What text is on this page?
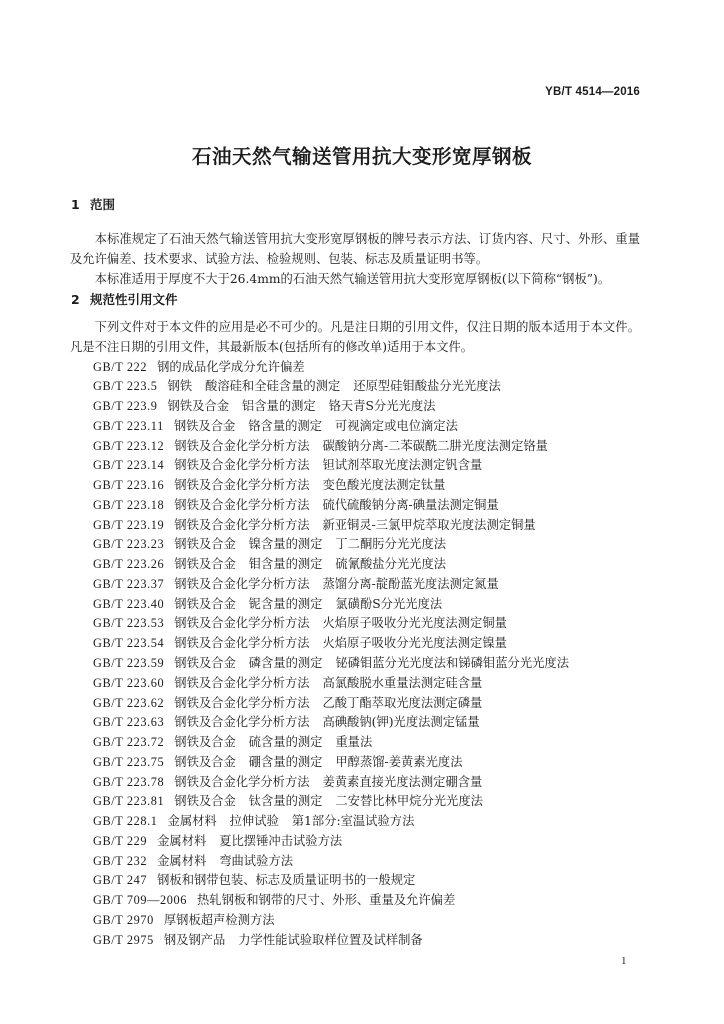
YB/T 4514—2016
石油天然气输送管用抗大变形宽厚钢板
1 范围

本标准规定了石油天然气输送管用抗大变形宽厚钢板的牌号表示方法、订货内容、尺寸、外形、重量及允许偏差、技术要求、试验方法、检验规则、包装、标志及质量证明书等。

本标准适用于厚度不大于26.4mm的石油天然气输送管用抗大变形宽厚钢板(以下简称“钢板”)。

2 规范性引用文件

下列文件对于本文件的应用是必不可少的。凡是注日期的引用文件，仅注日期的版本适用于本文件。凡是不注日期的引用文件，其最新版本(包括所有的修改单)适用于本文件。

GB/T 222 钢的成品化学成分允许偏差
GB/T 223.5 钢铁 酸溶硅和全硅含量的测定 还原型硅钼酸盐分光光度法
GB/T 223.9 钢铁及合金 铝含量的测定 铬天青S分光光度法
GB/T 223.11 钢铁及合金 铬含量的测定 可视滴定或电位滴定法
GB/T 223.12 钢铁及合金化学分析方法 碳酸钠分离-二苯碳酰二肼光度法测定铬量
GB/T 223.14 钢铁及合金化学分析方法 钽试剂萃取光度法测定钒含量
GB/T 223.16 钢铁及合金化学分析方法 变色酸光度法测定钛量
GB/T 223.18 钢铁及合金化学分析方法 硫代硫酸钠分离-碘量法测定铜量
GB/T 223.19 钢铁及合金化学分析方法 新亚铜灵-三氯甲烷萃取光度法测定铜量
GB/T 223.23 钢铁及合金 镍含量的测定 丁二酮肟分光光度法
GB/T 223.26 钢铁及合金 钼含量的测定 硫氰酸盐分光光度法
GB/T 223.37 钢铁及合金化学分析方法 蒸馏分离-靛酚蓝光度法测定氮量
GB/T 223.40 钢铁及合金 铌含量的测定 氯磺酚S分光光度法
GB/T 223.53 钢铁及合金化学分析方法 火焰原子吸收分光光度法测定铜量
GB/T 223.54 钢铁及合金化学分析方法 火焰原子吸收分光光度法测定镍量
GB/T 223.59 钢铁及合金 磷含量的测定 铋磷钼蓝分光光度法和锑磷钼蓝分光光度法
GB/T 223.60 钢铁及合金化学分析方法 高氯酸脱水重量法测定硅含量
GB/T 223.62 钢铁及合金化学分析方法 乙酸丁酯萃取光度法测定磷量
GB/T 223.63 钢铁及合金化学分析方法 高碘酸钠(钾)光度法测定锰量
GB/T 223.72 钢铁及合金 硫含量的测定 重量法
GB/T 223.75 钢铁及合金 硼含量的测定 甲醇蒸馏-姜黄素光度法
GB/T 223.78 钢铁及合金化学分析方法 姜黄素直接光度法测定硼含量
GB/T 223.81 钢铁及合金 钛含量的测定 二安替比林甲烷分光光度法
GB/T 228.1 金属材料 拉伸试验 第1部分:室温试验方法
GB/T 229 金属材料 夏比摆锤冲击试验方法
GB/T 232 金属材料 弯曲试验方法
GB/T 247 钢板和钢带包装、标志及质量证明书的一般规定
GB/T 709—2006 热轧钢板和钢带的尺寸、外形、重量及允许偏差
GB/T 2970 厚钢板超声检测方法
GB/T 2975 钢及钢产品 力学性能试验取样位置及试样制备
1
